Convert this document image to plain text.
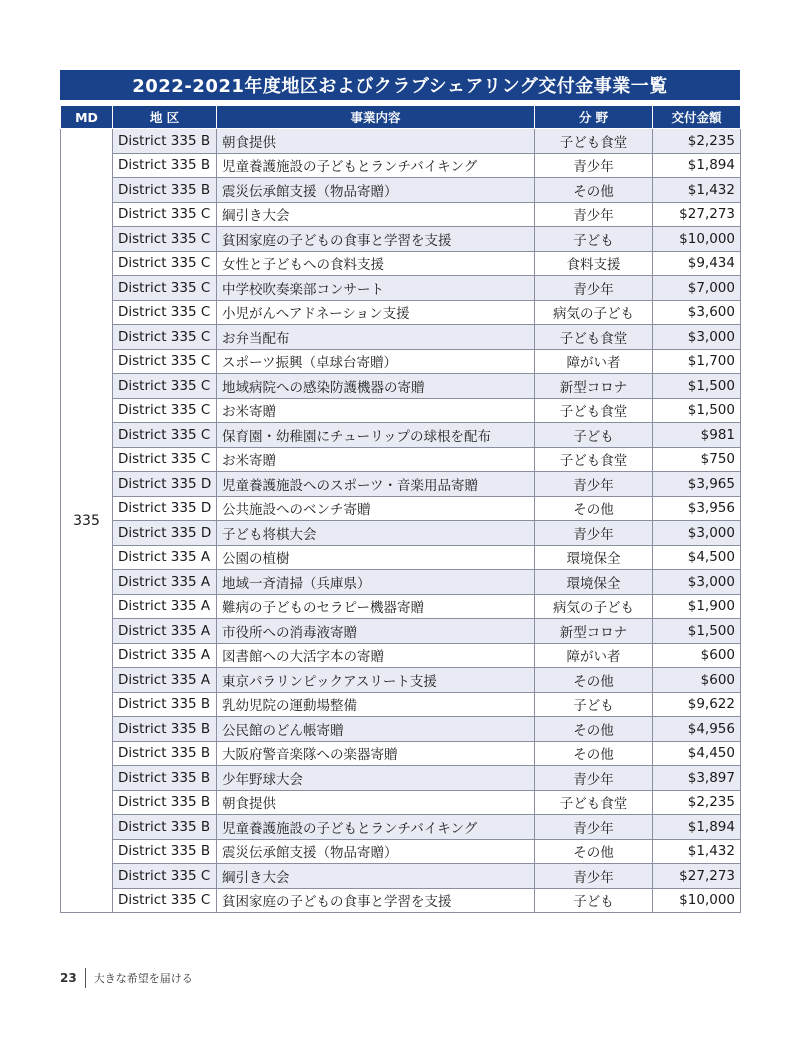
2022-2021年度地区およびクラブシェアリング交付金事業一覧
MD	地 区	事業内容	分 野	交付金額
335	District 335 B	朝食提供	子ども食堂	$2,235
	District 335 B	児童養護施設の子どもとランチバイキング	青少年	$1,894
	District 335 B	震災伝承館支援（物品寄贈）	その他	$1,432
	District 335 C	綱引き大会	青少年	$27,273
	District 335 C	貧困家庭の子どもの食事と学習を支援	子ども	$10,000
	District 335 C	女性と子どもへの食料支援	食料支援	$9,434
	District 335 C	中学校吹奏楽部コンサート	青少年	$7,000
	District 335 C	小児がんへアドネーション支援	病気の子ども	$3,600
	District 335 C	お弁当配布	子ども食堂	$3,000
	District 335 C	スポーツ振興（卓球台寄贈）	障がい者	$1,700
	District 335 C	地域病院への感染防護機器の寄贈	新型コロナ	$1,500
	District 335 C	お米寄贈	子ども食堂	$1,500
	District 335 C	保育園・幼稚園にチューリップの球根を配布	子ども	$981
	District 335 C	お米寄贈	子ども食堂	$750
	District 335 D	児童養護施設へのスポーツ・音楽用品寄贈	青少年	$3,965
	District 335 D	公共施設へのベンチ寄贈	その他	$3,956
	District 335 D	子ども将棋大会	青少年	$3,000
	District 335 A	公園の植樹	環境保全	$4,500
	District 335 A	地域一斉清掃（兵庫県）	環境保全	$3,000
	District 335 A	難病の子どものセラピー機器寄贈	病気の子ども	$1,900
	District 335 A	市役所への消毒液寄贈	新型コロナ	$1,500
	District 335 A	図書館への大活字本の寄贈	障がい者	$600
	District 335 A	東京パラリンピックアスリート支援	その他	$600
	District 335 B	乳幼児院の運動場整備	子ども	$9,622
	District 335 B	公民館のどん帳寄贈	その他	$4,956
	District 335 B	大阪府警音楽隊への楽器寄贈	その他	$4,450
	District 335 B	少年野球大会	青少年	$3,897
	District 335 B	朝食提供	子ども食堂	$2,235
	District 335 B	児童養護施設の子どもとランチバイキング	青少年	$1,894
	District 335 B	震災伝承館支援（物品寄贈）	その他	$1,432
	District 335 C	綱引き大会	青少年	$27,273
	District 335 C	貧困家庭の子どもの食事と学習を支援	子ども	$10,000
23 大きな希望を届ける
